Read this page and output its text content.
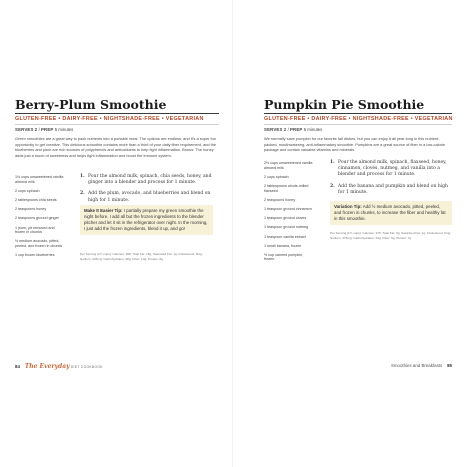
Berry-Plum Smoothie
GLUTEN-FREE • DAIRY-FREE • NIGHTSHADE-FREE • VEGETARIAN
SERVES 2 / PREP 5 minutes

Green smoothies are a great way to pack nutrients into a portable meal. The options are endless, and it's a super fun opportunity to get creative. This delicious smoothie contains more than a third of your daily fiber requirement, and the blueberries and plum are rich sources of polyphenols and antioxidants to help fight inflammation. Bonus: The honey adds just a touch of sweetness and helps fight inflammation and boost the immune system.

1½ cups unsweetened vanilla almond milk
2 cups spinach
2 tablespoons chia seeds
2 teaspoons honey
2 teaspoons ground ginger
1 plum, pit removed and frozen in chunks
½ medium avocado, pitted, peeled, and frozen in chunks
1 cup frozen blueberries
1. Pour the almond milk, spinach, chia seeds, honey, and ginger into a blender and process for 1 minute.
2. Add the plum, avocado, and blueberries and blend on high for 1 minute.
Make It Easier Tip: I partially prepare my green smoothie the night before. I add all but the frozen ingredients to the blender pitcher and let it sit in the refrigerator over night. In the morning, I just add the frozen ingredients, blend it up, and go!

Per Serving (1½ cups): Calories: 298; Total Fat: 16g; Saturated Fat: 1g; Cholesterol: 0mg; Sodium: 245mg; Carbohydrates: 38g; Fiber: 13g; Protein: 8g

84 The Everyday DIET COOKBOOK
Pumpkin Pie Smoothie
GLUTEN-FREE • DAIRY-FREE • NIGHTSHADE-FREE • VEGETARIAN
SERVES 2 / PREP 5 minutes

We normally save pumpkin for our favorite fall dishes, but you can enjoy it all year long in this nutrient-packed, mouthwatering, anti-inflammatory smoothie. Pumpkins are a great source of fiber in a low-calorie package and contain valuable vitamins and minerals.

2½ cups unsweetened vanilla almond milk
2 cups spinach
2 tablespoons whole-milled flaxseed
2 teaspoons honey
1 teaspoon ground cinnamon
1 teaspoon ground cloves
1 teaspoon ground nutmeg
1 teaspoon vanilla extract
1 small banana, frozen
½ cup canned pumpkin, frozen
1. Pour the almond milk, spinach, flaxseed, honey, cinnamon, cloves, nutmeg, and vanilla into a blender and process for 1 minute.
2. Add the banana and pumpkin and blend on high for 1 minute.
Variation Tip: Add ½ medium avocado, pitted, peeled, and frozen in chunks, to increase the fiber and healthy fat in this smoothie.

Per Serving (1½ cups): Calories: 276; Total Fat: 9g; Saturated Fat: 1g; Cholesterol: 0mg; Sodium: 376mg; Carbohydrates: 44g; Fiber: 9g; Protein: 7g

Smoothies and Breakfasts 85
